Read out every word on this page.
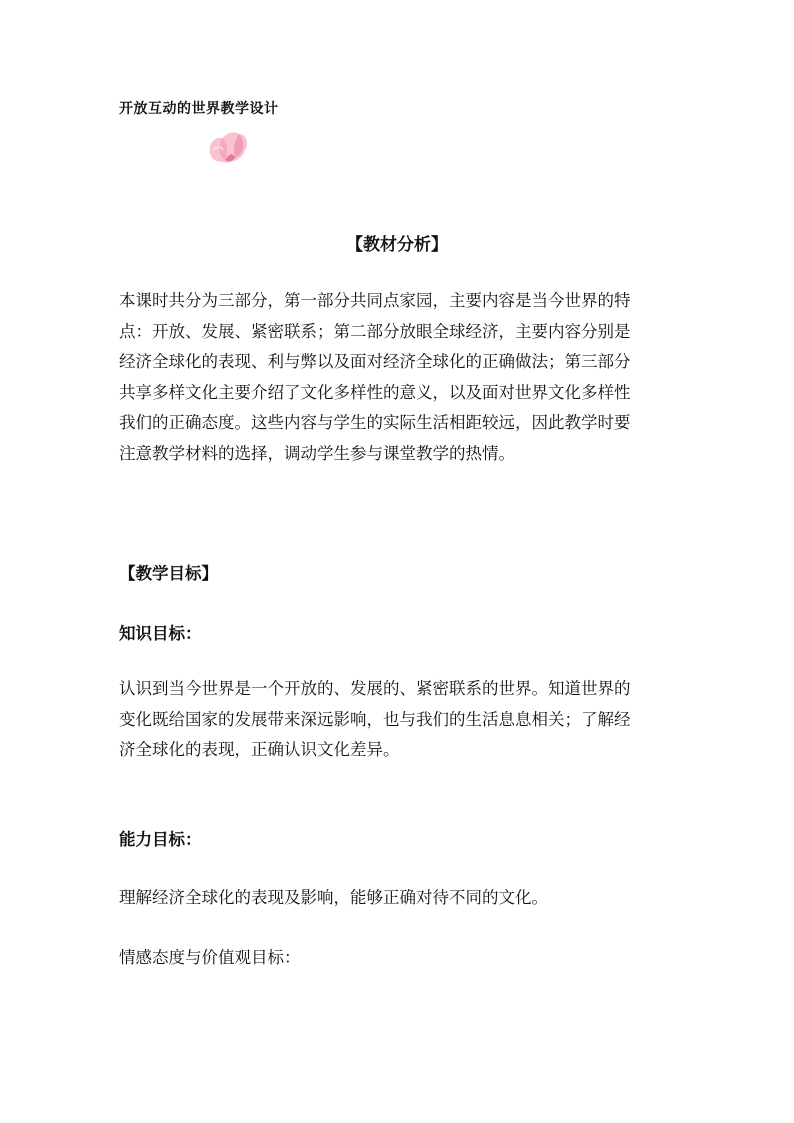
开放互动的世界教学设计
【教材分析】
本课时共分为三部分，第一部分共同点家园，主要内容是当今世界的特
点：开放、发展、紧密联系；第二部分放眼全球经济，主要内容分别是
经济全球化的表现、利与弊以及面对经济全球化的正确做法；第三部分
共享多样文化主要介绍了文化多样性的意义，以及面对世界文化多样性
我们的正确态度。这些内容与学生的实际生活相距较远，因此教学时要
注意教学材料的选择，调动学生参与课堂教学的热情。
【教学目标】
知识目标：
认识到当今世界是一个开放的、发展的、紧密联系的世界。知道世界的
变化既给国家的发展带来深远影响，也与我们的生活息息相关；了解经
济全球化的表现，正确认识文化差异。
能力目标：
理解经济全球化的表现及影响，能够正确对待不同的文化。
情感态度与价值观目标：
